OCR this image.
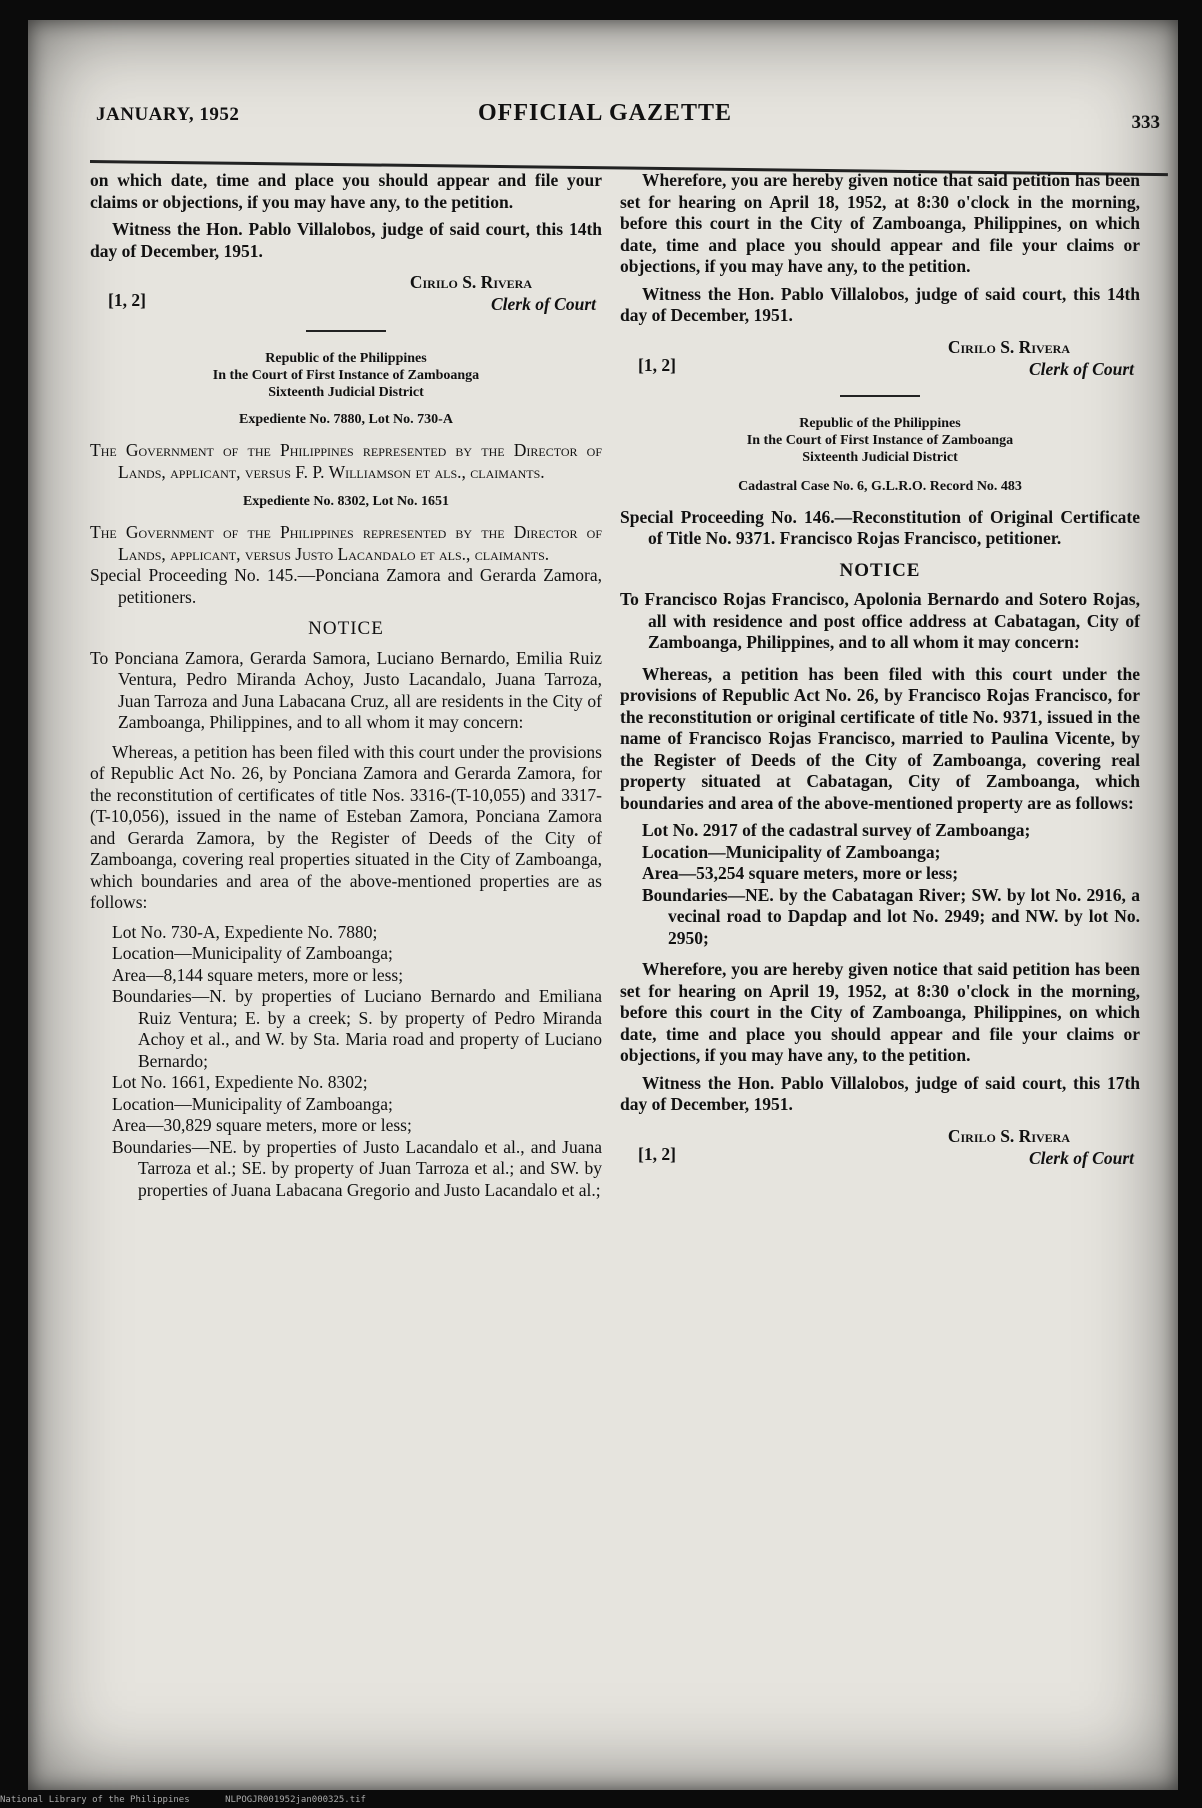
JANUARY, 1952	OFFICIAL GAZETTE	333

on which date, time and place you should appear and file your claims or objections, if you may have any, to the petition.

Witness the Hon. Pablo Villalobos, judge of said court, this 14th day of December, 1951.

[1, 2]
Cirilo S. Rivera
Clerk of Court
Republic of the Philippines
In the Court of First Instance of Zamboanga
Sixteenth Judicial District
Expediente No. 7880, Lot No. 730-A

The Government of the Philippines represented by the Director of Lands, applicant, versus F. P. Williamson et als., claimants.

Expediente No. 8302, Lot No. 1651

The Government of the Philippines represented by the Director of Lands, applicant, versus Justo Lacandalo et als., claimants.

Special Proceeding No. 145.—Ponciana Zamora and Gerarda Zamora, petitioners.

NOTICE

To Ponciana Zamora, Gerarda Samora, Luciano Bernardo, Emilia Ruiz Ventura, Pedro Miranda Achoy, Justo Lacandalo, Juana Tarroza, Juan Tarroza and Juna Labacana Cruz, all are residents in the City of Zamboanga, Philippines, and to all whom it may concern:

Whereas, a petition has been filed with this court under the provisions of Republic Act No. 26, by Ponciana Zamora and Gerarda Zamora, for the reconstitution of certificates of title Nos. 3316-(T-10,055) and 3317-(T-10,056), issued in the name of Esteban Zamora, Ponciana Zamora and Gerarda Zamora, by the Register of Deeds of the City of Zamboanga, covering real properties situated in the City of Zamboanga, which boundaries and area of the above-mentioned properties are as follows:

Lot No. 730-A, Expediente No. 7880;

Location—Municipality of Zamboanga;

Area—8,144 square meters, more or less;

Boundaries—N. by properties of Luciano Bernardo and Emiliana Ruiz Ventura; E. by a creek; S. by property of Pedro Miranda Achoy et al., and W. by Sta. Maria road and property of Luciano Bernardo;

Lot No. 1661, Expediente No. 8302;

Location—Municipality of Zamboanga;

Area—30,829 square meters, more or less;

Boundaries—NE. by properties of Justo Lacandalo et al., and Juana Tarroza et al.; SE. by property of Juan Tarroza et al.; and SW. by properties of Juana Labacana Gregorio and Justo Lacandalo et al.;

Wherefore, you are hereby given notice that said petition has been set for hearing on April 18, 1952, at 8:30 o'clock in the morning, before this court in the City of Zamboanga, Philippines, on which date, time and place you should appear and file your claims or objections, if you may have any, to the petition.

Witness the Hon. Pablo Villalobos, judge of said court, this 14th day of December, 1951.

[1, 2]
Cirilo S. Rivera
Clerk of Court
Republic of the Philippines
In the Court of First Instance of Zamboanga
Sixteenth Judicial District
Cadastral Case No. 6, G.L.R.O. Record No. 483

Special Proceeding No. 146.—Reconstitution of Original Certificate of Title No. 9371. Francisco Rojas Francisco, petitioner.

NOTICE

To Francisco Rojas Francisco, Apolonia Bernardo and Sotero Rojas, all with residence and post office address at Cabatagan, City of Zamboanga, Philippines, and to all whom it may concern:

Whereas, a petition has been filed with this court under the provisions of Republic Act No. 26, by Francisco Rojas Francisco, for the reconstitution or original certificate of title No. 9371, issued in the name of Francisco Rojas Francisco, married to Paulina Vicente, by the Register of Deeds of the City of Zamboanga, covering real property situated at Cabatagan, City of Zamboanga, which boundaries and area of the above-mentioned property are as follows:

Lot No. 2917 of the cadastral survey of Zamboanga;

Location—Municipality of Zamboanga;

Area—53,254 square meters, more or less;

Boundaries—NE. by the Cabatagan River; SW. by lot No. 2916, a vecinal road to Dapdap and lot No. 2949; and NW. by lot No. 2950;

Wherefore, you are hereby given notice that said petition has been set for hearing on April 19, 1952, at 8:30 o'clock in the morning, before this court in the City of Zamboanga, Philippines, on which date, time and place you should appear and file your claims or objections, if you may have any, to the petition.

Witness the Hon. Pablo Villalobos, judge of said court, this 17th day of December, 1951.

[1, 2]
Cirilo S. Rivera
Clerk of Court
National Library of the Philippines	NLPOGJR001952jan000325.tif
